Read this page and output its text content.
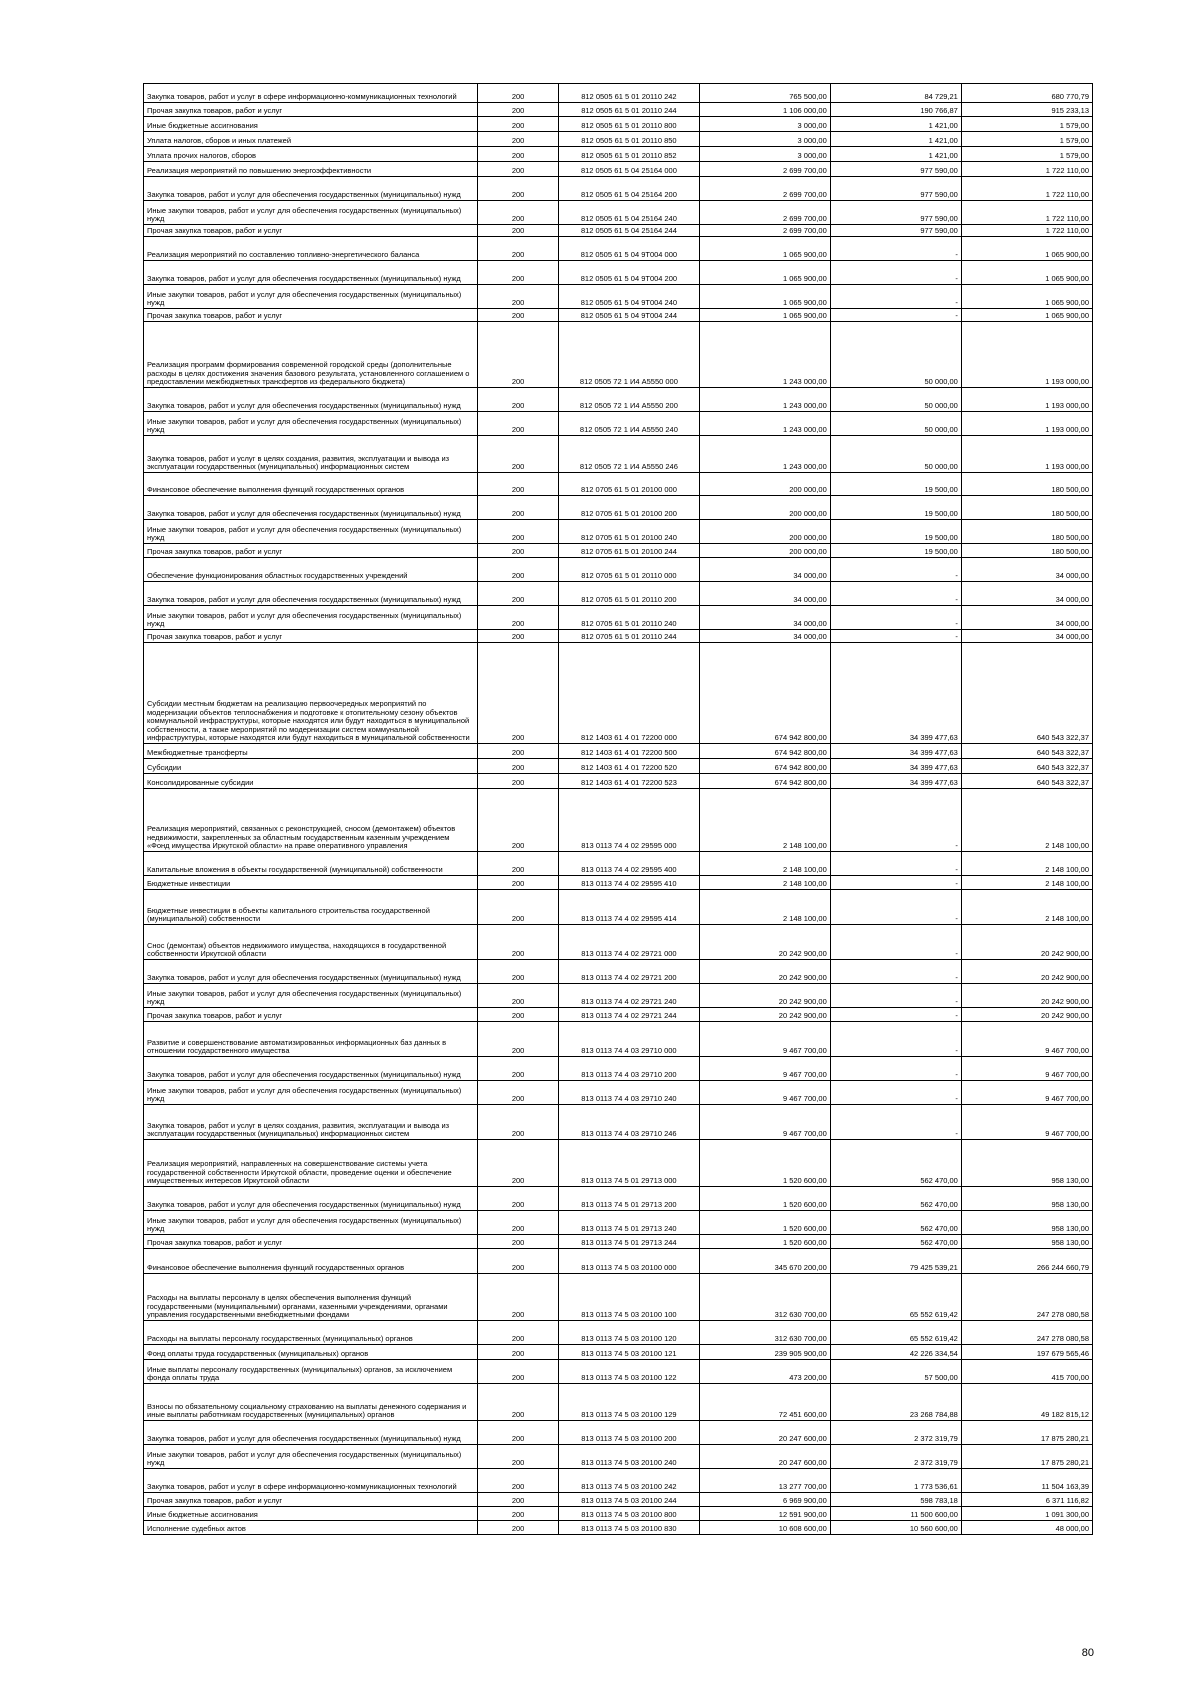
Закупка товаров, работ и услуг в сфере информационно-коммуникационных технологий	200	812 0505 61 5 01 20110 242	765 500,00	84 729,21	680 770,79
Прочая закупка товаров, работ и услуг	200	812 0505 61 5 01 20110 244	1 106 000,00	190 766,87	915 233,13
Иные бюджетные ассигнования	200	812 0505 61 5 01 20110 800	3 000,00	1 421,00	1 579,00
Уплата налогов, сборов и иных платежей	200	812 0505 61 5 01 20110 850	3 000,00	1 421,00	1 579,00
Уплата прочих налогов, сборов	200	812 0505 61 5 01 20110 852	3 000,00	1 421,00	1 579,00
Реализация мероприятий по повышению энергоэффективности	200	812 0505 61 5 04 25164 000	2 699 700,00	977 590,00	1 722 110,00
Закупка товаров, работ и услуг для обеспечения государственных (муниципальных) нужд	200	812 0505 61 5 04 25164 200	2 699 700,00	977 590,00	1 722 110,00
Иные закупки товаров, работ и услуг для обеспечения государственных (муниципальных) нужд	200	812 0505 61 5 04 25164 240	2 699 700,00	977 590,00	1 722 110,00
Прочая закупка товаров, работ и услуг	200	812 0505 61 5 04 25164 244	2 699 700,00	977 590,00	1 722 110,00
Реализация мероприятий по составлению топливно-энергетического баланса	200	812 0505 61 5 04 9Т004 000	1 065 900,00	-	1 065 900,00
Закупка товаров, работ и услуг для обеспечения государственных (муниципальных) нужд	200	812 0505 61 5 04 9Т004 200	1 065 900,00	-	1 065 900,00
Иные закупки товаров, работ и услуг для обеспечения государственных (муниципальных) нужд	200	812 0505 61 5 04 9Т004 240	1 065 900,00	-	1 065 900,00
Прочая закупка товаров, работ и услуг	200	812 0505 61 5 04 9Т004 244	1 065 900,00	-	1 065 900,00
Реализация программ формирования современной городской среды (дополнительные расходы в целях достижения значения базового результата, установленного соглашением о предоставлении межбюджетных трансфертов из федерального бюджета)	200	812 0505 72 1 И4 А5550 000	1 243 000,00	50 000,00	1 193 000,00
Закупка товаров, работ и услуг для обеспечения государственных (муниципальных) нужд	200	812 0505 72 1 И4 А5550 200	1 243 000,00	50 000,00	1 193 000,00
Иные закупки товаров, работ и услуг для обеспечения государственных (муниципальных) нужд	200	812 0505 72 1 И4 А5550 240	1 243 000,00	50 000,00	1 193 000,00
Закупка товаров, работ и услуг в целях создания, развития, эксплуатации и вывода из эксплуатации государственных (муниципальных) информационных систем	200	812 0505 72 1 И4 А5550 246	1 243 000,00	50 000,00	1 193 000,00
Финансовое обеспечение выполнения функций государственных органов	200	812 0705 61 5 01 20100 000	200 000,00	19 500,00	180 500,00
Закупка товаров, работ и услуг для обеспечения государственных (муниципальных) нужд	200	812 0705 61 5 01 20100 200	200 000,00	19 500,00	180 500,00
Иные закупки товаров, работ и услуг для обеспечения государственных (муниципальных) нужд	200	812 0705 61 5 01 20100 240	200 000,00	19 500,00	180 500,00
Прочая закупка товаров, работ и услуг	200	812 0705 61 5 01 20100 244	200 000,00	19 500,00	180 500,00
Обеспечение функционирования областных государственных учреждений	200	812 0705 61 5 01 20110 000	34 000,00	-	34 000,00
Закупка товаров, работ и услуг для обеспечения государственных (муниципальных) нужд	200	812 0705 61 5 01 20110 200	34 000,00	-	34 000,00
Иные закупки товаров, работ и услуг для обеспечения государственных (муниципальных) нужд	200	812 0705 61 5 01 20110 240	34 000,00	-	34 000,00
Прочая закупка товаров, работ и услуг	200	812 0705 61 5 01 20110 244	34 000,00	-	34 000,00
Субсидии местным бюджетам на реализацию первоочередных мероприятий по модернизации объектов теплоснабжения и подготовке к отопительному сезону объектов коммунальной инфраструктуры, которые находятся или будут находиться в муниципальной собственности, а также мероприятий по модернизации систем коммунальной инфраструктуры, которые находятся или будут находиться в муниципальной собственности	200	812 1403 61 4 01 72200 000	674 942 800,00	34 399 477,63	640 543 322,37
Межбюджетные трансферты	200	812 1403 61 4 01 72200 500	674 942 800,00	34 399 477,63	640 543 322,37
Субсидии	200	812 1403 61 4 01 72200 520	674 942 800,00	34 399 477,63	640 543 322,37
Консолидированные субсидии	200	812 1403 61 4 01 72200 523	674 942 800,00	34 399 477,63	640 543 322,37
Реализация мероприятий, связанных с реконструкцией, сносом (демонтажем) объектов недвижимости, закрепленных за областным государственным казенным учреждением «Фонд имущества Иркутской области» на праве оперативного управления	200	813 0113 74 4 02 29595 000	2 148 100,00	-	2 148 100,00
Капитальные вложения в объекты государственной (муниципальной) собственности	200	813 0113 74 4 02 29595 400	2 148 100,00	-	2 148 100,00
Бюджетные инвестиции	200	813 0113 74 4 02 29595 410	2 148 100,00	-	2 148 100,00
Бюджетные инвестиции в объекты капитального строительства государственной (муниципальной) собственности	200	813 0113 74 4 02 29595 414	2 148 100,00	-	2 148 100,00
Снос (демонтаж) объектов недвижимого имущества, находящихся в государственной собственности Иркутской области	200	813 0113 74 4 02 29721 000	20 242 900,00	-	20 242 900,00
Закупка товаров, работ и услуг для обеспечения государственных (муниципальных) нужд	200	813 0113 74 4 02 29721 200	20 242 900,00	-	20 242 900,00
Иные закупки товаров, работ и услуг для обеспечения государственных (муниципальных) нужд	200	813 0113 74 4 02 29721 240	20 242 900,00	-	20 242 900,00
Прочая закупка товаров, работ и услуг	200	813 0113 74 4 02 29721 244	20 242 900,00	-	20 242 900,00
Развитие и совершенствование автоматизированных информационных баз данных в отношении государственного имущества	200	813 0113 74 4 03 29710 000	9 467 700,00	-	9 467 700,00
Закупка товаров, работ и услуг для обеспечения государственных (муниципальных) нужд	200	813 0113 74 4 03 29710 200	9 467 700,00	-	9 467 700,00
Иные закупки товаров, работ и услуг для обеспечения государственных (муниципальных) нужд	200	813 0113 74 4 03 29710 240	9 467 700,00	-	9 467 700,00
Закупка товаров, работ и услуг в целях создания, развития, эксплуатации и вывода из эксплуатации государственных (муниципальных) информационных систем	200	813 0113 74 4 03 29710 246	9 467 700,00	-	9 467 700,00
Реализация мероприятий, направленных на совершенствование системы учета государственной собственности Иркутской области, проведение оценки и обеспечение имущественных интересов Иркутской области	200	813 0113 74 5 01 29713 000	1 520 600,00	562 470,00	958 130,00
Закупка товаров, работ и услуг для обеспечения государственных (муниципальных) нужд	200	813 0113 74 5 01 29713 200	1 520 600,00	562 470,00	958 130,00
Иные закупки товаров, работ и услуг для обеспечения государственных (муниципальных) нужд	200	813 0113 74 5 01 29713 240	1 520 600,00	562 470,00	958 130,00
Прочая закупка товаров, работ и услуг	200	813 0113 74 5 01 29713 244	1 520 600,00	562 470,00	958 130,00
Финансовое обеспечение выполнения функций государственных органов	200	813 0113 74 5 03 20100 000	345 670 200,00	79 425 539,21	266 244 660,79
Расходы на выплаты персоналу в целях обеспечения выполнения функций государственными (муниципальными) органами, казенными учреждениями, органами управления государственными внебюджетными фондами	200	813 0113 74 5 03 20100 100	312 630 700,00	65 552 619,42	247 278 080,58
Расходы на выплаты персоналу государственных (муниципальных) органов	200	813 0113 74 5 03 20100 120	312 630 700,00	65 552 619,42	247 278 080,58
Фонд оплаты труда государственных (муниципальных) органов	200	813 0113 74 5 03 20100 121	239 905 900,00	42 226 334,54	197 679 565,46
Иные выплаты персоналу государственных (муниципальных) органов, за исключением фонда оплаты труда	200	813 0113 74 5 03 20100 122	473 200,00	57 500,00	415 700,00
Взносы по обязательному социальному страхованию на выплаты денежного содержания и иные выплаты работникам государственных (муниципальных) органов	200	813 0113 74 5 03 20100 129	72 451 600,00	23 268 784,88	49 182 815,12
Закупка товаров, работ и услуг для обеспечения государственных (муниципальных) нужд	200	813 0113 74 5 03 20100 200	20 247 600,00	2 372 319,79	17 875 280,21
Иные закупки товаров, работ и услуг для обеспечения государственных (муниципальных) нужд	200	813 0113 74 5 03 20100 240	20 247 600,00	2 372 319,79	17 875 280,21
Закупка товаров, работ и услуг в сфере информационно-коммуникационных технологий	200	813 0113 74 5 03 20100 242	13 277 700,00	1 773 536,61	11 504 163,39
Прочая закупка товаров, работ и услуг	200	813 0113 74 5 03 20100 244	6 969 900,00	598 783,18	6 371 116,82
Иные бюджетные ассигнования	200	813 0113 74 5 03 20100 800	12 591 900,00	11 500 600,00	1 091 300,00
Исполнение судебных актов	200	813 0113 74 5 03 20100 830	10 608 600,00	10 560 600,00	48 000,00
80
